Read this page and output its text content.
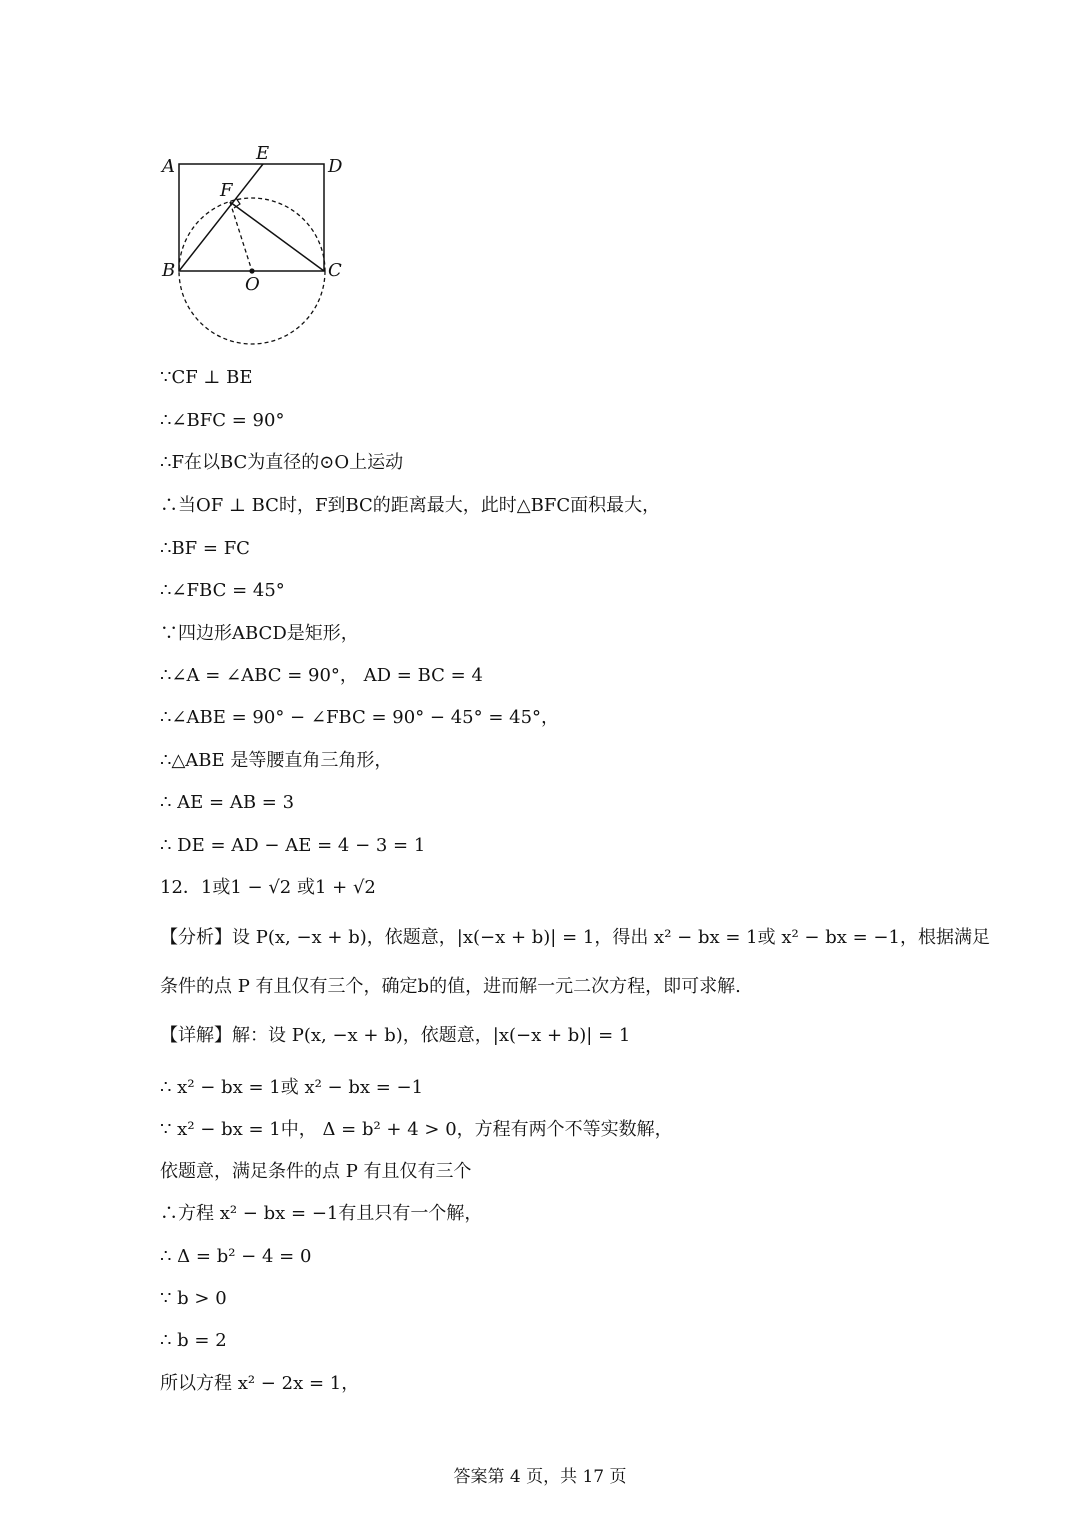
A
E
D
F
B	C
O
∵CF ⊥ BE
∴∠BFC = 90°
∴F在以BC为直径的⊙O上运动
∴当OF ⊥ BC时，F到BC的距离最大，此时△BFC面积最大，
∴BF = FC
∴∠FBC = 45°
∵四边形ABCD是矩形，
∴∠A = ∠ABC = 90°， AD = BC = 4
∴∠ABE = 90° − ∠FBC = 90° − 45° = 45°，
∴△ABE 是等腰直角三角形，
∴ AE = AB = 3
∴ DE = AD − AE = 4 − 3 = 1
12．1或1 − √2 或1 + √2
【分析】设 P(x, −x + b)，依题意，|x(−x + b)| = 1，得出 x² − bx = 1或 x² − bx = −1，根据满足
条件的点 P 有且仅有三个，确定b的值，进而解一元二次方程，即可求解.
【详解】解：设 P(x, −x + b)，依题意，|x(−x + b)| = 1
∴ x² − bx = 1或 x² − bx = −1
∵ x² − bx = 1中， Δ = b² + 4 > 0，方程有两个不等实数解，
依题意，满足条件的点 P 有且仅有三个
∴方程 x² − bx = −1有且只有一个解，
∴ Δ = b² − 4 = 0
∵ b > 0
∴ b = 2
所以方程 x² − 2x = 1，
答案第 4 页，共 17 页
